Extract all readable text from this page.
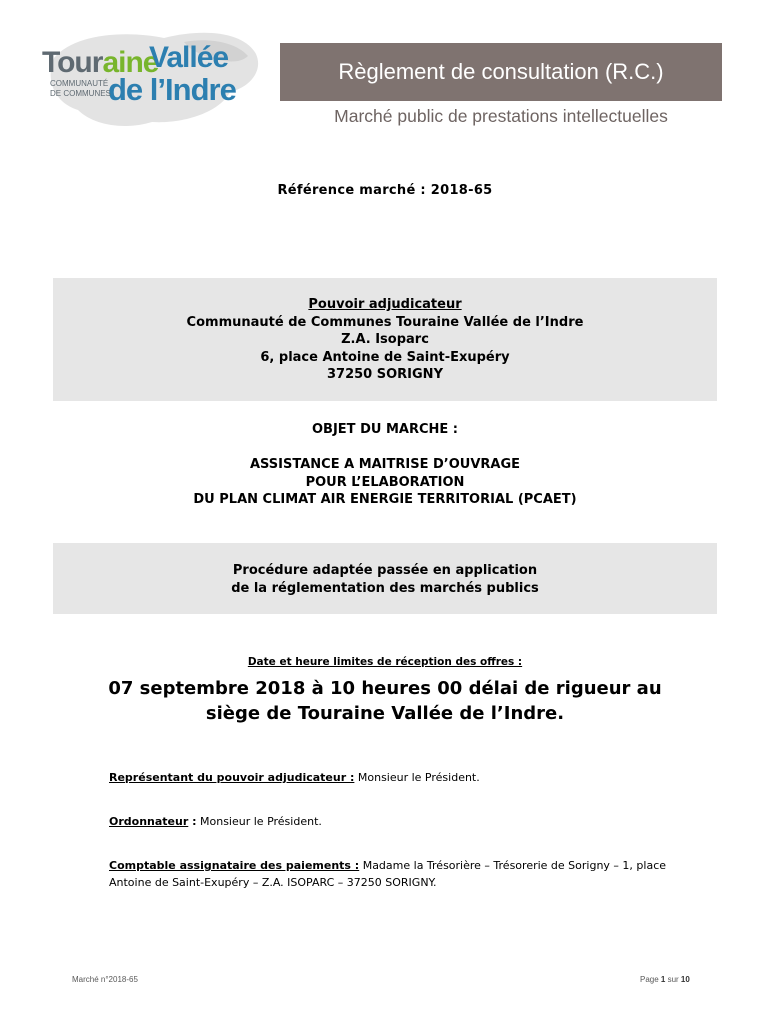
Touraine
Vallée
de l’Indre
COMMUNAUTÉ
DE COMMUNES
Règlement de consultation (R.C.)
Marché public de prestations intellectuelles
Référence marché : 2018-65
Pouvoir adjudicateur
Communauté de Communes Touraine Vallée de l’Indre
Z.A. Isoparc
6, place Antoine de Saint-Exupéry
37250 SORIGNY
OBJET DU MARCHE :
ASSISTANCE A MAITRISE D’OUVRAGE
POUR L’ELABORATION
DU PLAN CLIMAT AIR ENERGIE TERRITORIAL (PCAET)
Procédure adaptée passée en application
de la réglementation des marchés publics
Date et heure limites de réception des offres :
07 septembre 2018 à 10 heures 00 délai de rigueur au
siège de Touraine Vallée de l’Indre.
Représentant du pouvoir adjudicateur : Monsieur le Président.
Ordonnateur : Monsieur le Président.
Comptable assignataire des paiements : Madame la Trésorière – Trésorerie de Sorigny – 1, place Antoine de Saint-Exupéry – Z.A. ISOPARC – 37250 SORIGNY.
Marché n°2018-65	Page 1 sur 10
